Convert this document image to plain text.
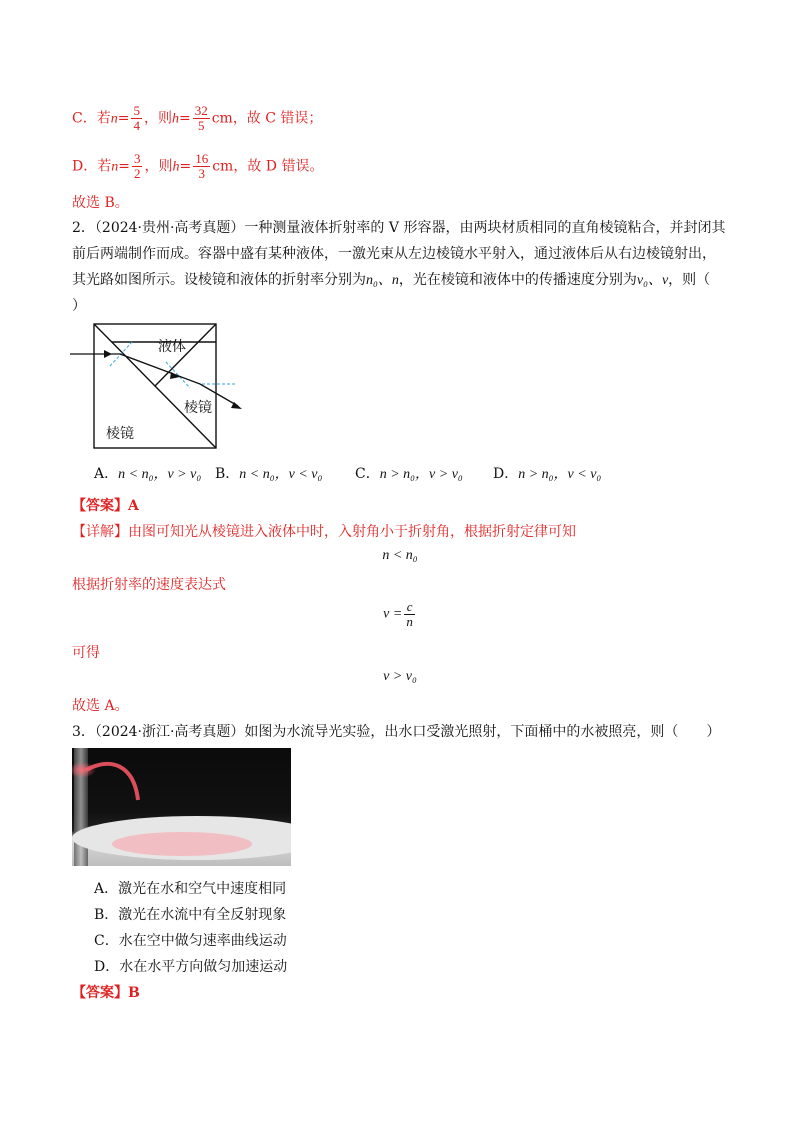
C．若$n= \frac{5}{4}$ ，则$h= \frac{32}{5}$ cm，故 C 错误；
D．若$n= \frac{3}{2}$ ，则$h= \frac{16}{3}$ cm，故 D 错误。
故选 B。
2．（2024·贵州·高考真题）一种测量液体折射率的 V 形容器，由两块材质相同的直角棱镜粘合，并封闭其
前后两端制作而成。容器中盛有某种液体，一激光束从左边棱镜水平射入，通过液体后从右边棱镜射出，
其光路如图所示。设棱镜和液体的折射率分别为n₀、n，光在棱镜和液体中的传播速度分别为v₀、v，则（
）
液体
棱镜
棱镜
A．n < n₀，v > v₀ B．n < n₀，v < v₀ C．n > n₀，v > v₀ D．n > n₀，v < v₀
【答案】A
【详解】由图可知光从棱镜进入液体中时，入射角小于折射角，根据折射定律可知
n < n₀
根据折射率的速度表达式
$v = \frac{c}{n}$
可得
v > v₀
故选 A。
3．（2024·浙江·高考真题）如图为水流导光实验，出水口受激光照射，下面桶中的水被照亮，则（　　）
A．激光在水和空气中速度相同
B．激光在水流中有全反射现象
C．水在空中做匀速率曲线运动
D．水在水平方向做匀加速运动
【答案】B
